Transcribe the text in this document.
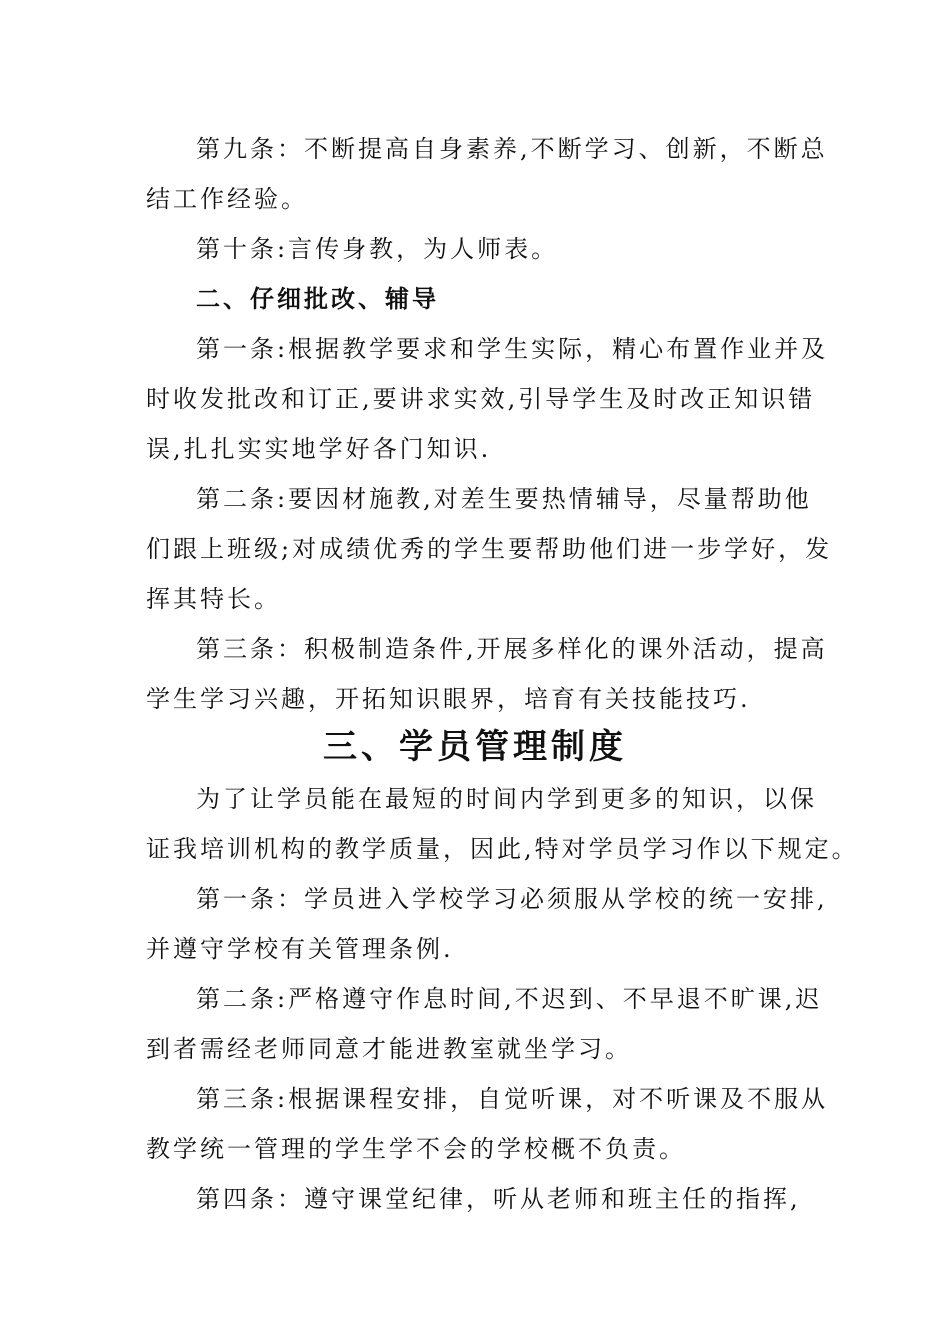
第九条：不断提高自身素养,不断学习、创新，不断总
结工作经验。
第十条:言传身教，为人师表。
二、仔细批改、辅导
第一条:根据教学要求和学生实际，精心布置作业并及
时收发批改和订正,要讲求实效,引导学生及时改正知识错
误,扎扎实实地学好各门知识.
第二条:要因材施教,对差生要热情辅导，尽量帮助他
们跟上班级;对成绩优秀的学生要帮助他们进一步学好，发
挥其特长。
第三条：积极制造条件,开展多样化的课外活动，提高
学生学习兴趣，开拓知识眼界，培育有关技能技巧.
三、学员管理制度
为了让学员能在最短的时间内学到更多的知识，以保
证我培训机构的教学质量，因此,特对学员学习作以下规定。
第一条：学员进入学校学习必须服从学校的统一安排,
并遵守学校有关管理条例.
第二条:严格遵守作息时间,不迟到、不早退不旷课,迟
到者需经老师同意才能进教室就坐学习。
第三条:根据课程安排，自觉听课，对不听课及不服从
教学统一管理的学生学不会的学校概不负责。
第四条：遵守课堂纪律，听从老师和班主任的指挥,
